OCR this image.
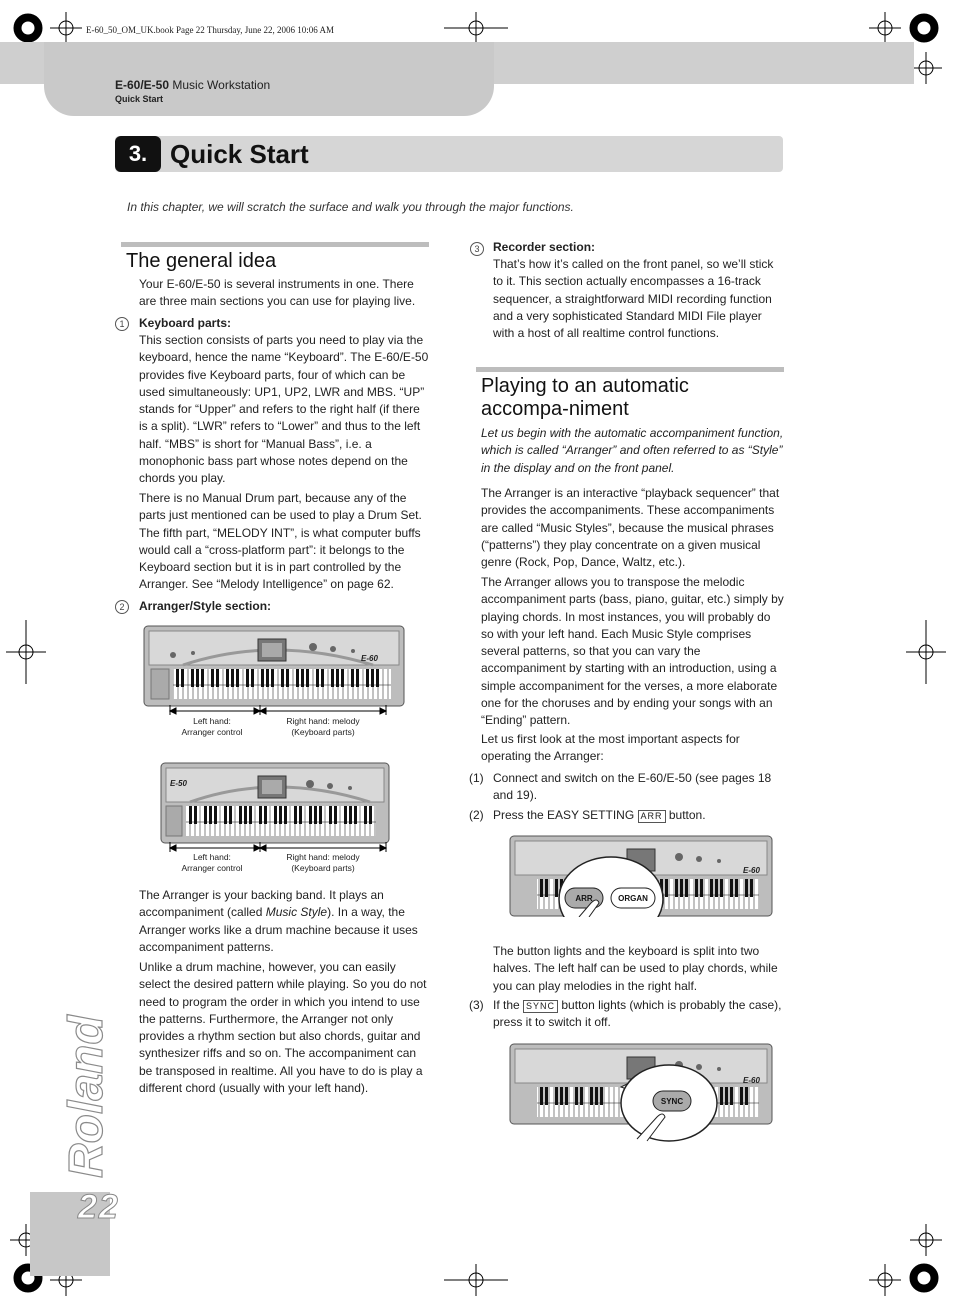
E-60_50_OM_UK.book Page 22 Thursday, June 22, 2006 10:06 AM
E-60/E-50 Music Workstation
Quick Start
3. Quick Start
In this chapter, we will scratch the surface and walk you through the major functions.
The general idea
Your E-60/E-50 is several instruments in one. There are three main sections you can use for playing live.
1	Keyboard parts:
This section consists of parts you need to play via the keyboard, hence the name “Keyboard”. The E-60/E-50 provides five Keyboard parts, four of which can be used simultaneously: UP1, UP2, LWR and MBS. “UP” stands for “Upper” and refers to the right half (if there is a split). “LWR” refers to “Lower” and thus to the left half. “MBS” is short for “Manual Bass”, i.e. a monophonic bass part whose notes depend on the chords you play.
There is no Manual Drum part, because any of the parts just mentioned can be used to play a Drum Set. The fifth part, “MELODY INT”, is what computer buffs would call a “cross-platform part”: it belongs to the Keyboard section but it is in part controlled by the Arranger. See “Melody Intelligence” on page 62.
2	Arranger/Style section:
E-60
Left hand:
Arranger control
Right hand: melody
(Keyboard parts)
E-50
Left hand:
Arranger control
Right hand: melody
(Keyboard parts)
The Arranger is your backing band. It plays an accompaniment (called Music Style). In a way, the Arranger works like a drum machine because it uses accompaniment patterns.
Unlike a drum machine, however, you can easily select the desired pattern while playing. So you do not need to program the order in which you intend to use the patterns. Furthermore, the Arranger not only provides a rhythm section but also chords, guitar and synthesizer riffs and so on. The accompaniment can be transposed in realtime. All you have to do is play a different chord (usually with your left hand).
3	Recorder section:
That’s how it’s called on the front panel, so we’ll stick to it. This section actually encompasses a 16-track sequencer, a straightforward MIDI recording function and a very sophisticated Standard MIDI File player with a host of all realtime control functions.
Playing to an automatic accompa-niment
Let us begin with the automatic accompaniment function, which is called “Arranger” and often referred to as “Style” in the display and on the front panel.
The Arranger is an interactive “playback sequencer” that provides the accompaniments. These accompaniments are called “Music Styles”, because the musical phrases (“patterns”) they play concentrate on a given musical genre (Rock, Pop, Dance, Waltz, etc.).
The Arranger allows you to transpose the melodic accompaniment parts (bass, piano, guitar, etc.) simply by playing chords. In most instances, you will probably do so with your left hand. Each Music Style comprises several patterns, so that you can vary the accompaniment by starting with an introduction, using a simple accompaniment for the verses, a more elaborate one for the choruses and by ending your songs with an “Ending” pattern.
Let us first look at the most important aspects for operating the Arranger:
(1) Connect and switch on the E-60/E-50 (see pages 18 and 19).
(2) Press the EASY SETTING ARR button.
E-60
ARR	ORGAN
The button lights and the keyboard is split into two halves. The left half can be used to play chords, while you can play melodies in the right half.
(3) If the SYNC button lights (which is probably the case), press it to switch it off.
E-60
SYNC
Roland
22
